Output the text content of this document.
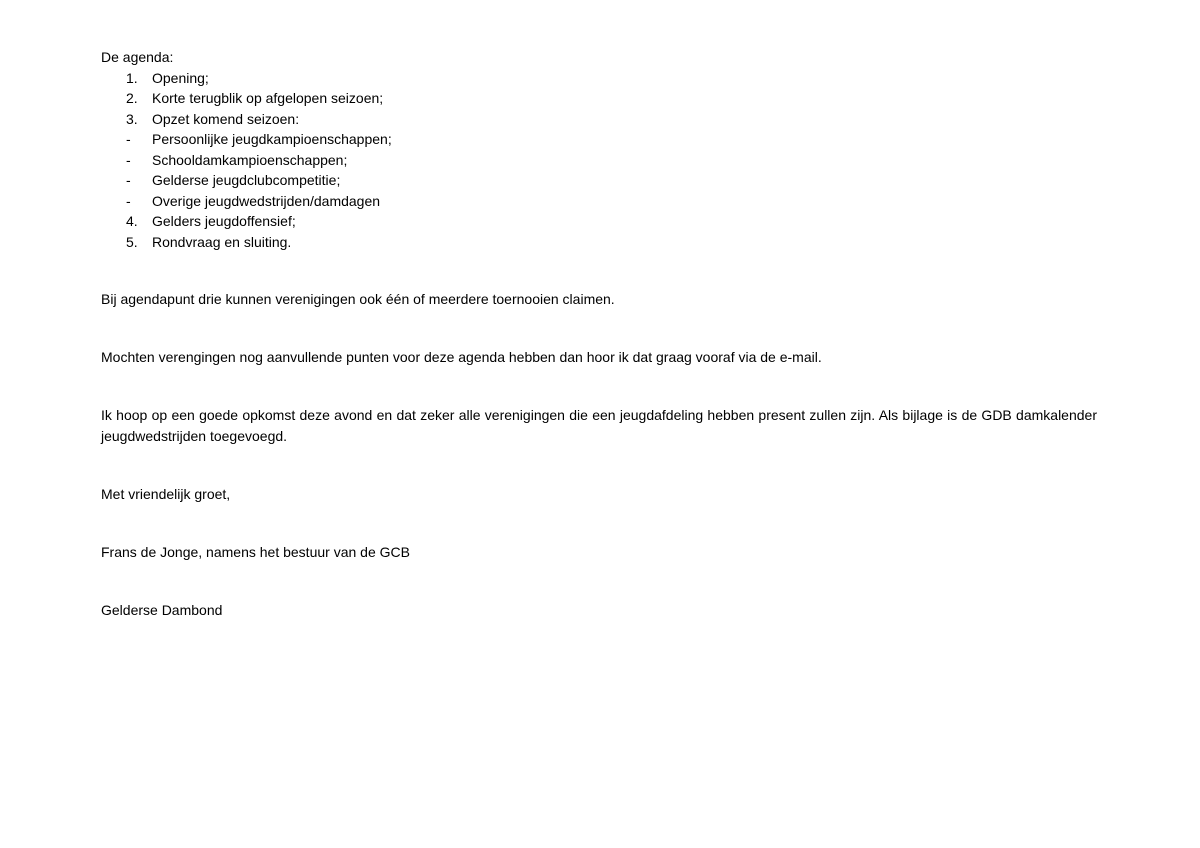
De agenda:

1. Opening;
2. Korte terugblik op afgelopen seizoen;
3. Opzet komend seizoen:
- Persoonlijke jeugdkampioenschappen;
- Schooldamkampioenschappen;
- Gelderse jeugdclubcompetitie;
- Overige jeugdwedstrijden/damdagen
4. Gelders jeugdoffensief;
5. Rondvraag en sluiting.

Bij agendapunt drie kunnen verenigingen ook één of meerdere toernooien claimen.

Mochten verengingen nog aanvullende punten voor deze agenda hebben dan hoor ik dat graag vooraf via de e-mail.

Ik hoop op een goede opkomst deze avond en dat zeker alle verenigingen die een jeugdafdeling hebben present zullen zijn. Als bijlage is de GDB damkalender jeugdwedstrijden toegevoegd.

Met vriendelijk groet,

Frans de Jonge, namens het bestuur van de GCB

Gelderse Dambond
